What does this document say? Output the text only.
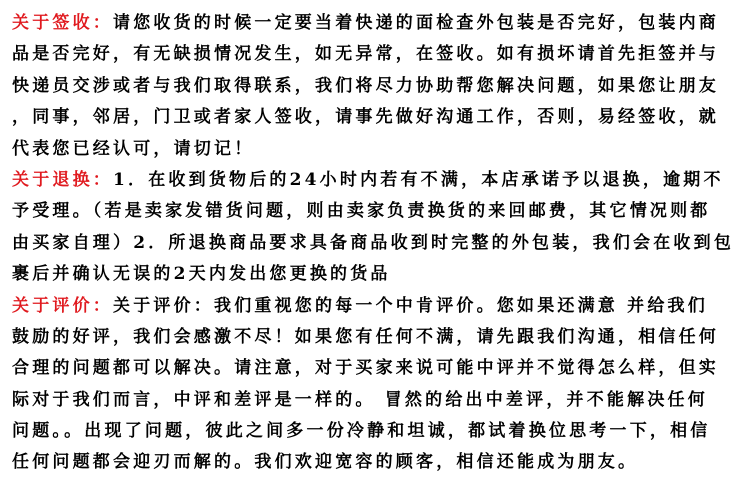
关于签收：请您收货的时候一定要当着快递的面检查外包装是否完好，包装内商
品是否完好，有无缺损情况发生，如无异常，在签收。如有损坏请首先拒签并与
快递员交涉或者与我们取得联系，我们将尽力协助帮您解决问题，如果您让朋友
，同事，邻居，门卫或者家人签收，请事先做好沟通工作，否则，易经签收，就
代表您已经认可，请切记！
关于退换：1．在收到货物后的24小时内若有不满，本店承诺予以退换，逾期不
予受理。（若是卖家发错货问题，则由卖家负责换货的来回邮费，其它情况则都
由买家自理）2．所退换商品要求具备商品收到时完整的外包装，我们会在收到包
裹后并确认无误的2天内发出您更换的货品
关于评价：关于评价：我们重视您的每一个中肯评价。您如果还满意 并给我们
鼓励的好评，我们会感激不尽！如果您有任何不满，请先跟我们沟通，相信任何
合理的问题都可以解决。请注意，对于买家来说可能中评并不觉得怎么样，但实
际对于我们而言，中评和差评是一样的。 冒然的给出中差评，并不能解决任何
问题。。出现了问题，彼此之间多一份冷静和坦诚，都试着换位思考一下，相信
任何问题都会迎刃而解的。我们欢迎宽容的顾客，相信还能成为朋友。
